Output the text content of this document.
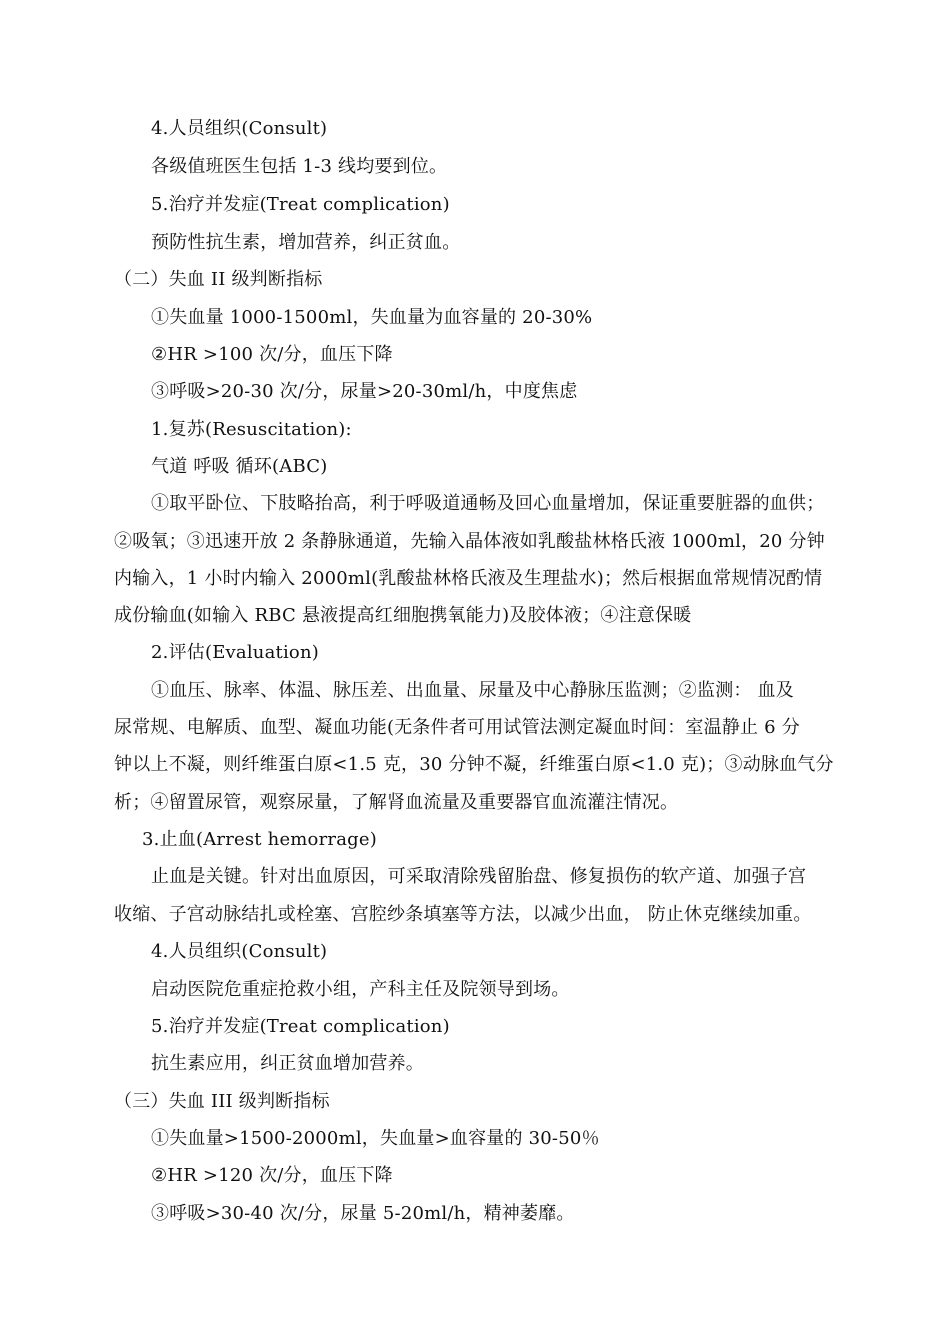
4.人员组织(Consult)
各级值班医生包括 1-3 线均要到位。
5.治疗并发症(Treat complication)
预防性抗生素，增加营养，纠正贫血。
（二）失血 II 级判断指标
①失血量 1000-1500ml，失血量为血容量的 20-30%
②HR >100 次/分，血压下降
③呼吸>20-30 次/分，尿量>20-30ml/h，中度焦虑
1.复苏(Resuscitation):
气道 呼吸 循环(ABC)
①取平卧位、下肢略抬高，利于呼吸道通畅及回心血量增加，保证重要脏器的血供；
②吸氧；③迅速开放 2 条静脉通道，先输入晶体液如乳酸盐林格氏液 1000ml，20 分钟
内输入，1 小时内输入 2000ml(乳酸盐林格氏液及生理盐水)；然后根据血常规情况酌情
成份输血(如输入 RBC 悬液提高红细胞携氧能力)及胶体液；④注意保暖
2.评估(Evaluation)
①血压、脉率、体温、脉压差、出血量、尿量及中心静脉压监测；②监测： 血及
尿常规、电解质、血型、凝血功能(无条件者可用试管法测定凝血时间：室温静止 6 分
钟以上不凝，则纤维蛋白原<1.5 克，30 分钟不凝，纤维蛋白原<1.0 克)；③动脉血气分
析；④留置尿管，观察尿量，了解肾血流量及重要器官血流灌注情况。
3.止血(Arrest hemorrage)
止血是关键。针对出血原因，可采取清除残留胎盘、修复损伤的软产道、加强子宫
收缩、子宫动脉结扎或栓塞、宫腔纱条填塞等方法，以减少出血， 防止休克继续加重。
4.人员组织(Consult)
启动医院危重症抢救小组，产科主任及院领导到场。
5.治疗并发症(Treat complication)
抗生素应用，纠正贫血增加营养。
（三）失血 III 级判断指标
①失血量>1500-2000ml，失血量>血容量的 30-50％
②HR >120 次/分，血压下降
③呼吸>30-40 次/分，尿量 5-20ml/h，精神萎靡。
